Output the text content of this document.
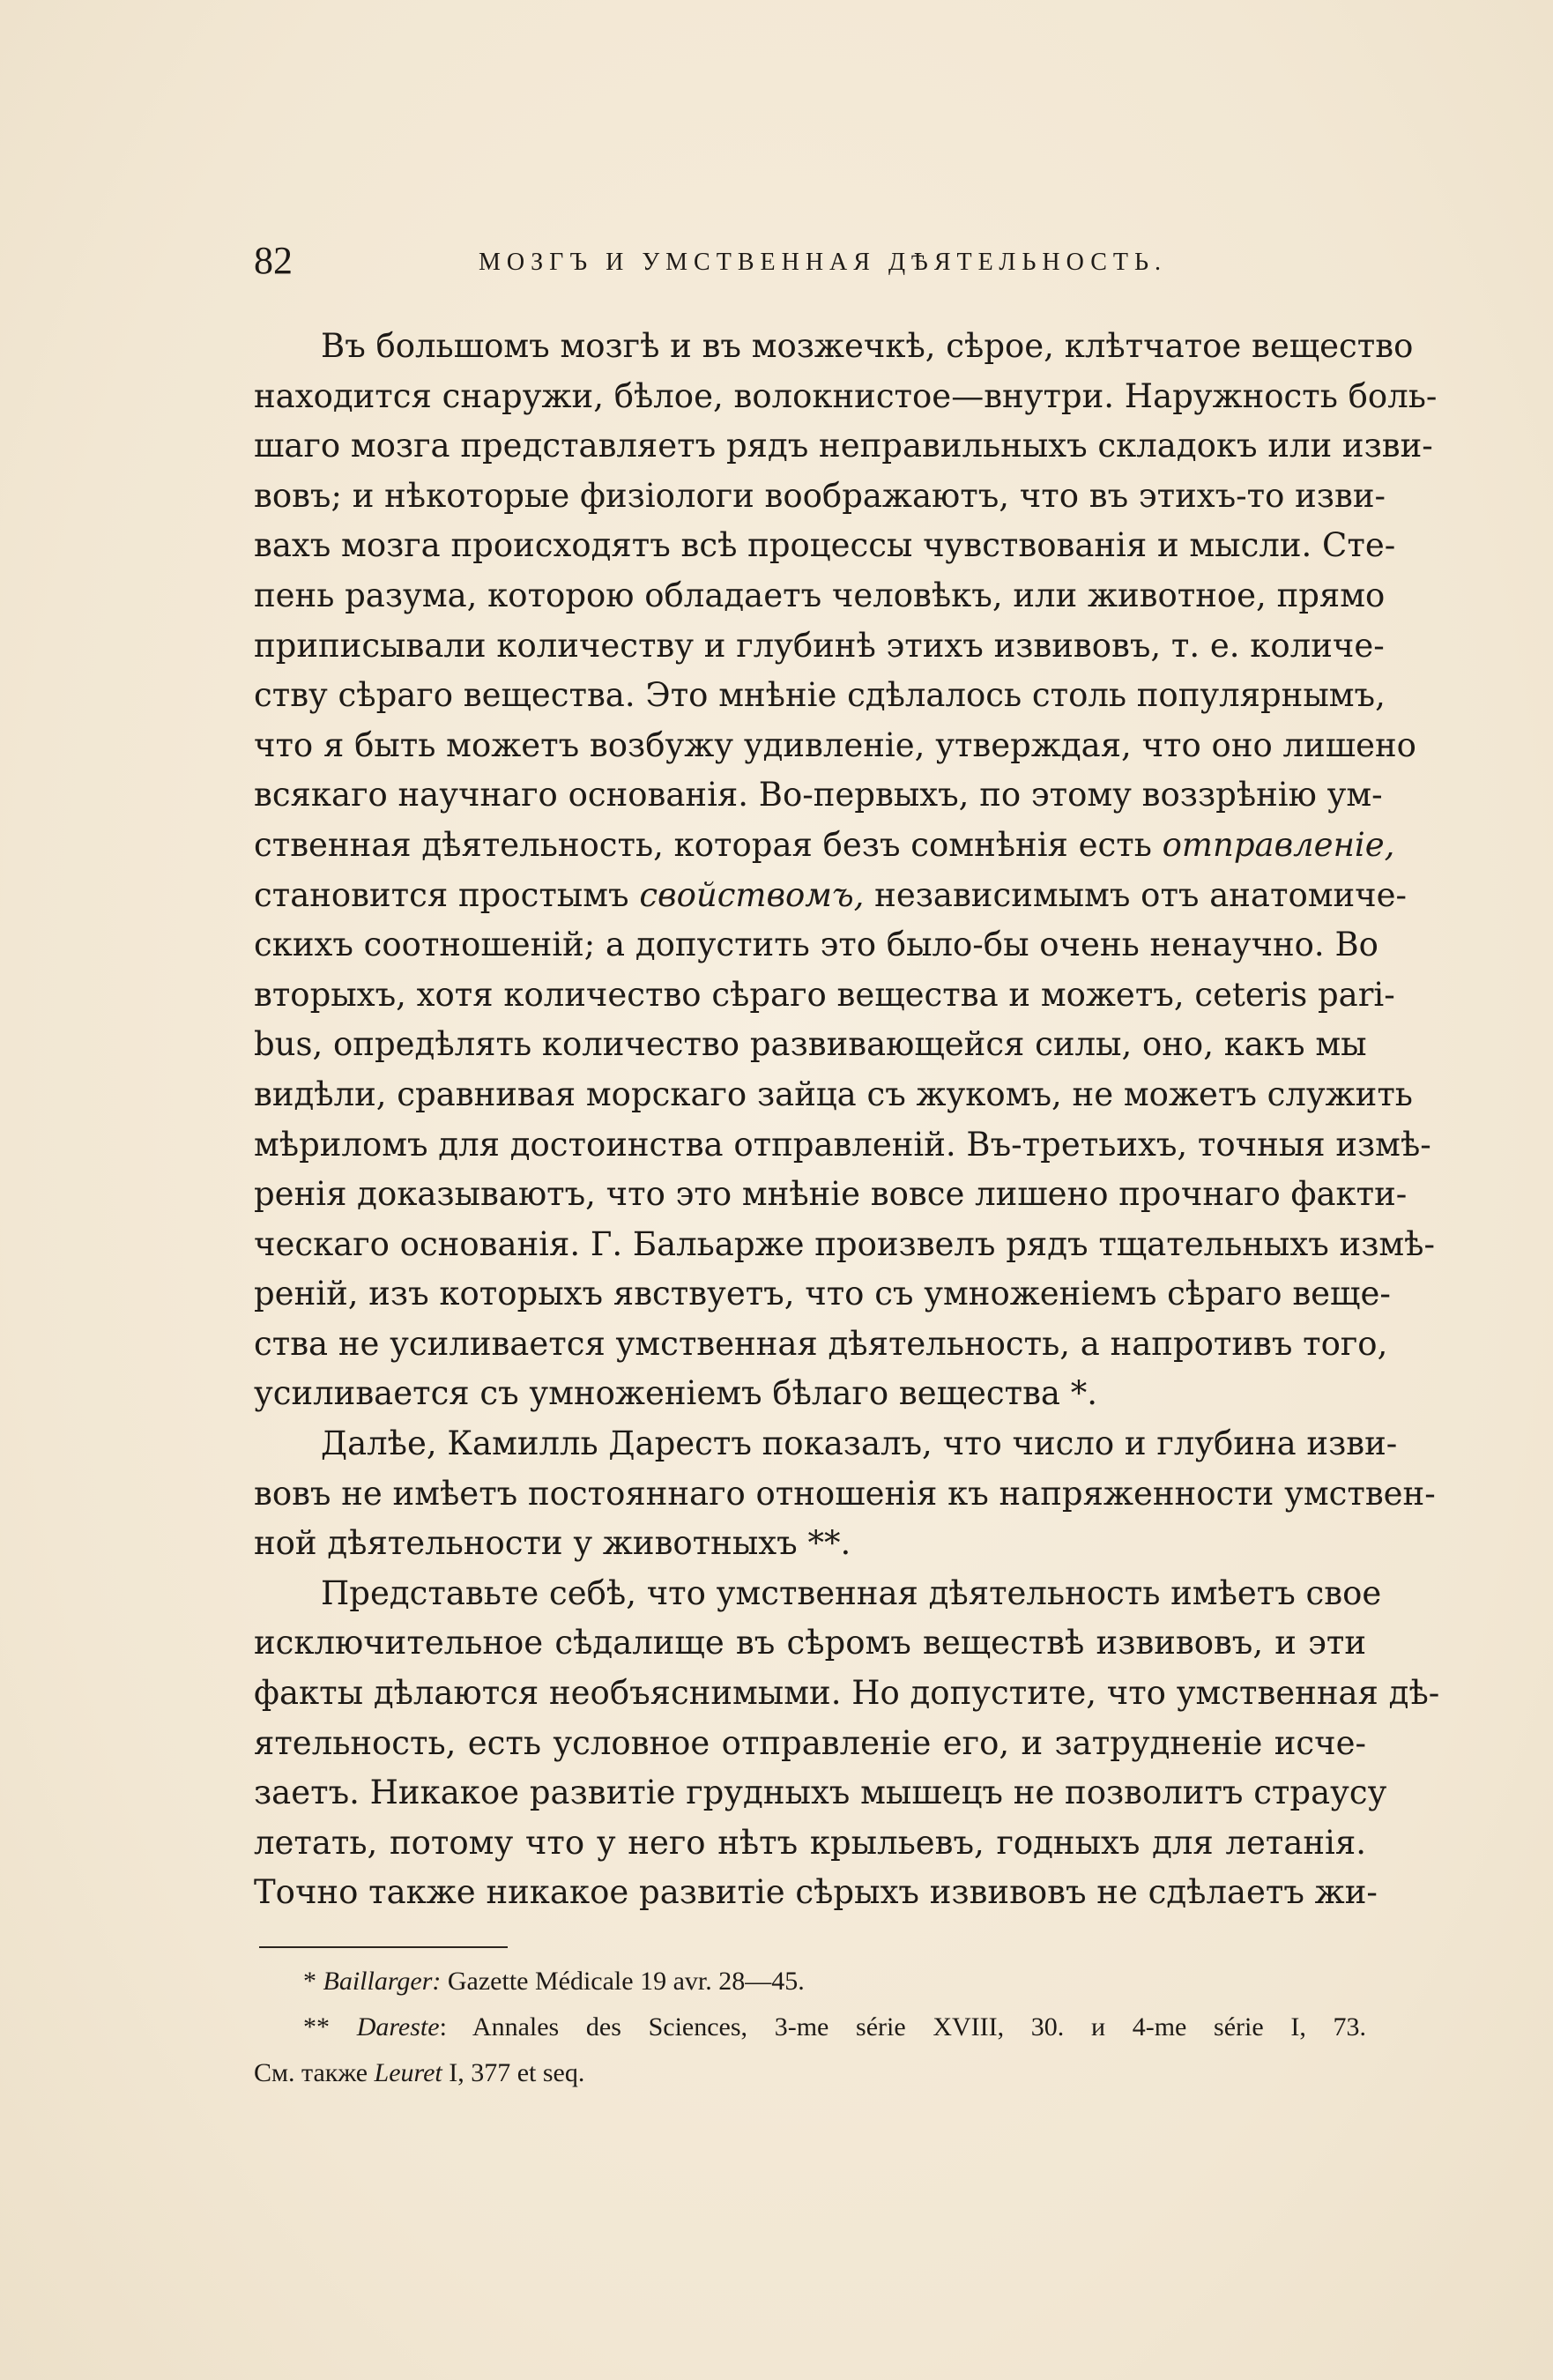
82	МОЗГЪ И УМСТВЕННАЯ ДѢЯТЕЛЬНОСТЬ.
Въ большомъ мозгѣ и въ мозжечкѣ, сѣрое, клѣтчатое вещество
находится снаружи, бѣлое, волокнистое—внутри. Наружность боль-
шаго мозга представляетъ рядъ неправильныхъ складокъ или изви-
вовъ; и нѣкоторые физiологи воображаютъ, что въ этихъ-то изви-
вахъ мозга происходятъ всѣ процессы чувствованiя и мысли. Сте-
пень разума, которою обладаетъ человѣкъ, или животное, прямо
приписывали количеству и глубинѣ этихъ извивовъ, т. е. количе-
ству сѣраго вещества. Это мнѣнiе сдѣлалось столь популярнымъ,
что я быть можетъ возбужу удивленiе, утверждая, что оно лишено
всякаго научнаго основанiя. Во-первыхъ, по этому воззрѣнiю ум-
ственная дѣятельность, которая безъ сомнѣнiя есть отправленiе,
становится простымъ свойствомъ, независимымъ отъ анатомиче-
скихъ соотношенiй; а допустить это было-бы очень ненаучно. Во
вторыхъ, хотя количество сѣраго вещества и можетъ, ceteris pari-
bus, опредѣлять количество развивающейся силы, оно, какъ мы
видѣли, сравнивая морскаго зайца съ жукомъ, не можетъ служить
мѣриломъ для достоинства отправленiй. Въ-третьихъ, точныя измѣ-
ренiя доказываютъ, что это мнѣнiе вовсе лишено прочнаго факти-
ческаго основанiя. Г. Бальарже произвелъ рядъ тщательныхъ измѣ-
ренiй, изъ которыхъ явствуетъ, что съ умноженiемъ сѣраго веще-
ства не усиливается умственная дѣятельность, а напротивъ того,
усиливается съ умноженiемъ бѣлаго вещества *.
Далѣе, Камилль Дарестъ показалъ, что число и глубина изви-
вовъ не имѣетъ постояннаго отношенiя къ напряженности умствен-
ной дѣятельности у животныхъ **.
Представьте себѣ, что умственная дѣятельность имѣетъ свое
исключительное сѣдалище въ сѣромъ веществѣ извивовъ, и эти
факты дѣлаются необъяснимыми. Но допустите, что умственная дѣ-
ятельность, есть условное отправленiе его, и затрудненiе исче-
заетъ. Никакое развитiе грудныхъ мышецъ не позволитъ страусу
летать, потому что у него нѣтъ крыльевъ, годныхъ для летанiя.
Точно также никакое развитiе сѣрыхъ извивовъ не сдѣлаетъ жи-
* Baillarger: Gazette Médicale 19 avr. 28—45.
** Dareste: Annales des Sciences, 3-me série XVIII, 30. и 4-me série I, 73.
См. также Leuret I, 377 et seq.
